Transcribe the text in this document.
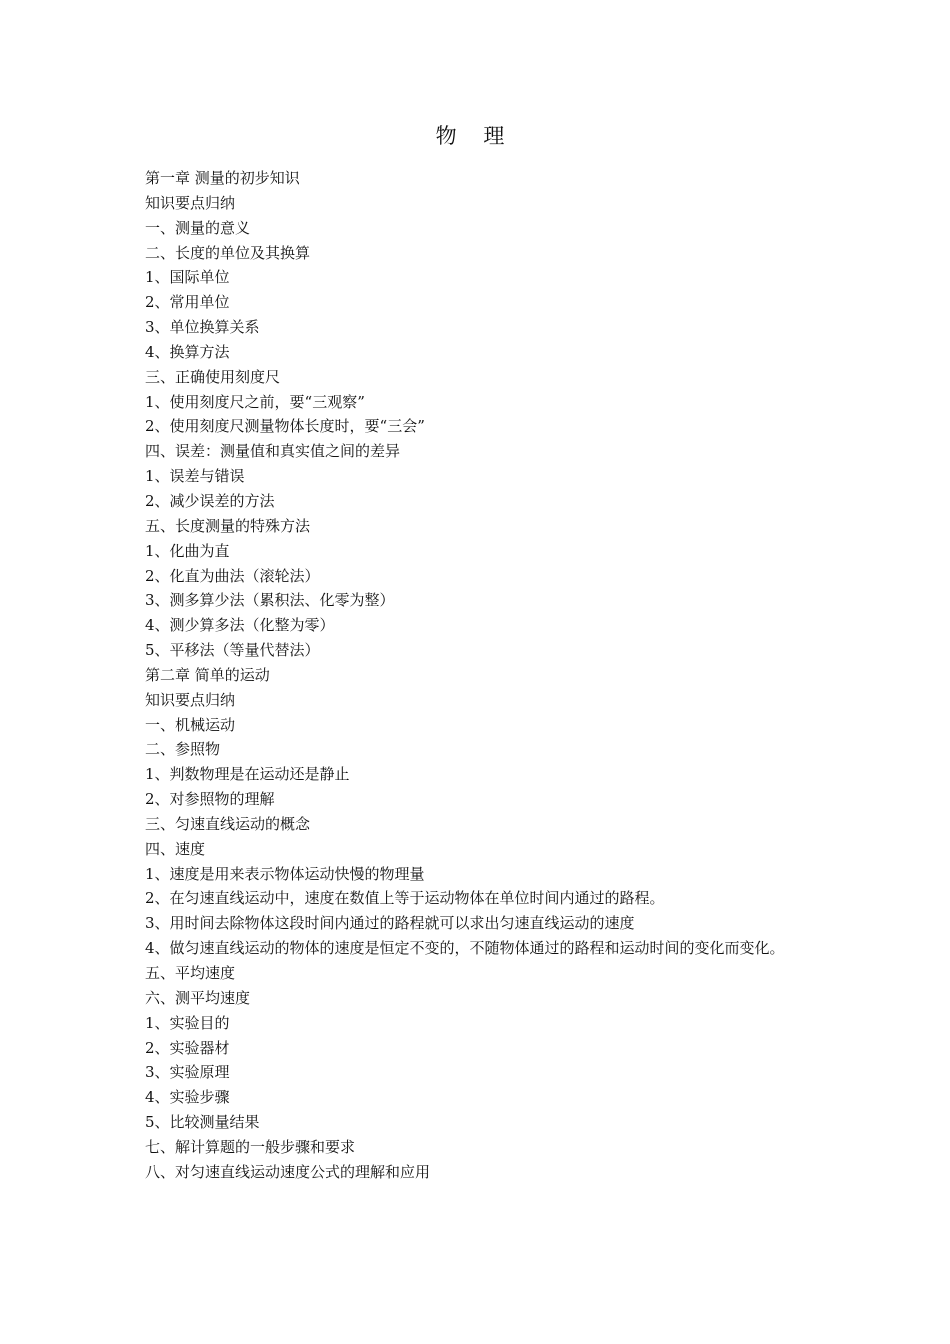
物 理
第一章 测量的初步知识
知识要点归纳
一、测量的意义
二、长度的单位及其换算
1、国际单位
2、常用单位
3、单位换算关系
4、换算方法
三、正确使用刻度尺
1、使用刻度尺之前，要“三观察”
2、使用刻度尺测量物体长度时，要“三会”
四、误差：测量值和真实值之间的差异
1、误差与错误
2、减少误差的方法
五、长度测量的特殊方法
1、化曲为直
2、化直为曲法（滚轮法）
3、测多算少法（累积法、化零为整）
4、测少算多法（化整为零）
5、平移法（等量代替法）
第二章 简单的运动
知识要点归纳
一、机械运动
二、参照物
1、判数物理是在运动还是静止
2、对参照物的理解
三、匀速直线运动的概念
四、速度
1、速度是用来表示物体运动快慢的物理量
2、在匀速直线运动中，速度在数值上等于运动物体在单位时间内通过的路程。
3、用时间去除物体这段时间内通过的路程就可以求出匀速直线运动的速度
4、做匀速直线运动的物体的速度是恒定不变的，不随物体通过的路程和运动时间的变化而变化。
五、平均速度
六、测平均速度
1、实验目的
2、实验器材
3、实验原理
4、实验步骤
5、比较测量结果
七、解计算题的一般步骤和要求
八、对匀速直线运动速度公式的理解和应用
